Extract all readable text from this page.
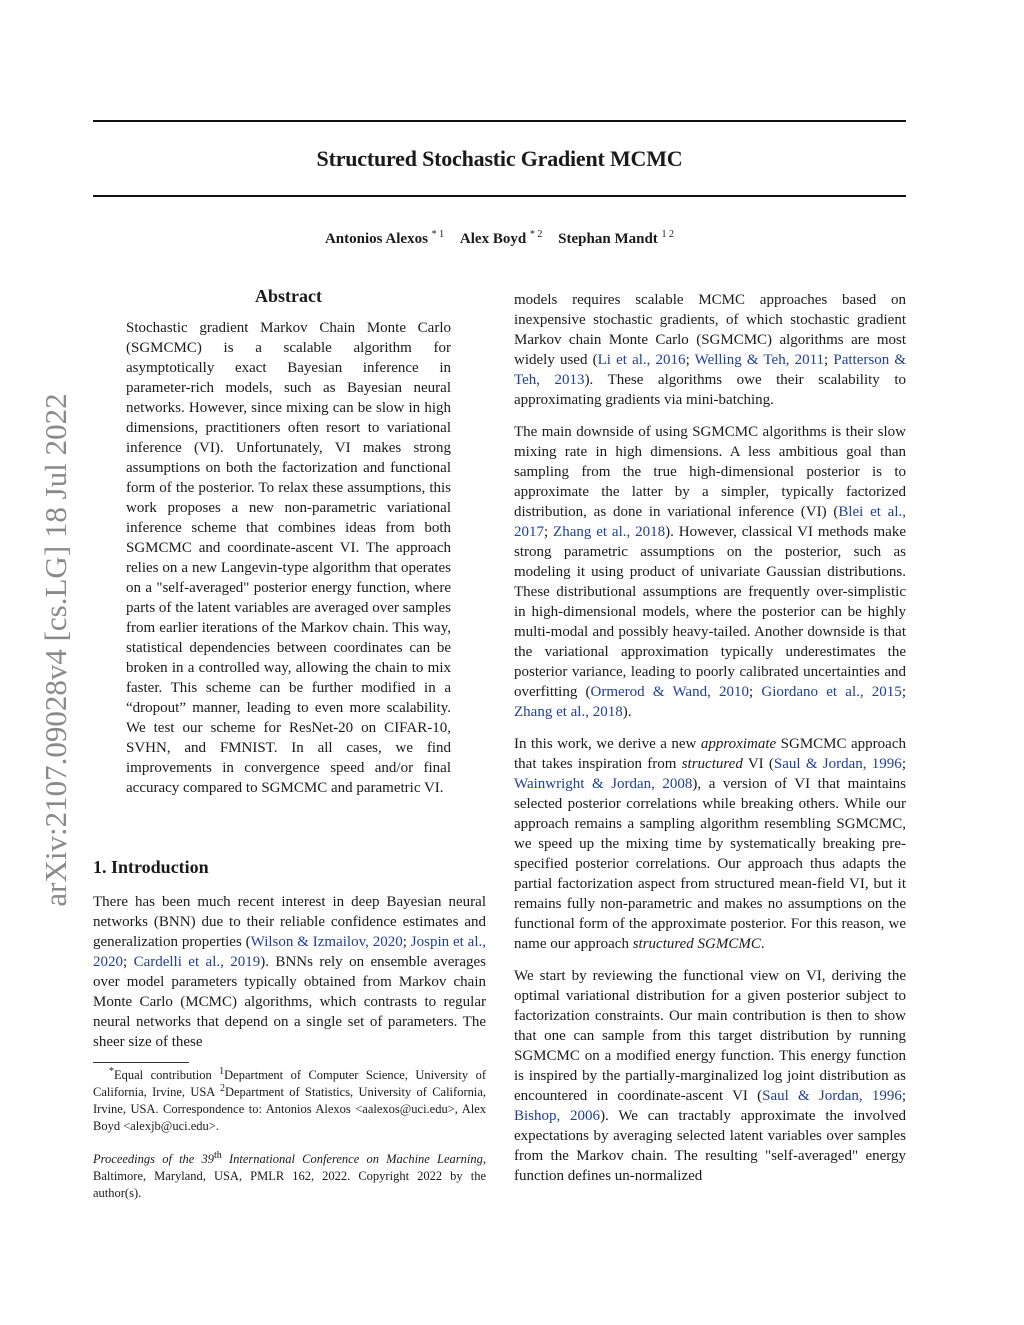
Structured Stochastic Gradient MCMC
Antonios Alexos $^{* 1}$ Alex Boyd $^{* 2}$ Stephan Mandt $^{1 2}$
arXiv:2107.09028v4 [cs.LG] 18 Jul 2022
Abstract

Stochastic gradient Markov Chain Monte Carlo (SGMCMC) is a scalable algorithm for asymptotically exact Bayesian inference in parameter-rich models, such as Bayesian neural networks. However, since mixing can be slow in high dimensions, practitioners often resort to variational inference (VI). Unfortunately, VI makes strong assumptions on both the factorization and functional form of the posterior. To relax these assumptions, this work proposes a new non-parametric variational inference scheme that combines ideas from both SGMCMC and coordinate-ascent VI. The approach relies on a new Langevin-type algorithm that operates on a "self-averaged" posterior energy function, where parts of the latent variables are averaged over samples from earlier iterations of the Markov chain. This way, statistical dependencies between coordinates can be broken in a controlled way, allowing the chain to mix faster. This scheme can be further modified in a “dropout” manner, leading to even more scalability. We test our scheme for ResNet-20 on CIFAR-10, SVHN, and FMNIST. In all cases, we find improvements in convergence speed and/or final accuracy compared to SGMCMC and parametric VI.

1. Introduction

There has been much recent interest in deep Bayesian neural networks (BNN) due to their reliable confidence estimates and generalization properties (Wilson & Izmailov, 2020; Jospin et al., 2020; Cardelli et al., 2019). BNNs rely on ensemble averages over model parameters typically obtained from Markov chain Monte Carlo (MCMC) algorithms, which contrasts to regular neural networks that depend on a single set of parameters. The sheer size of these

*Equal contribution $^1$Department of Computer Science, University of California, Irvine, USA $^2$Department of Statistics, University of California, Irvine, USA. Correspondence to: Antonios Alexos <aalexos@uci.edu>, Alex Boyd <alexjb@uci.edu>.

Proceedings of the 39th International Conference on Machine Learning, Baltimore, Maryland, USA, PMLR 162, 2022. Copyright 2022 by the author(s).

models requires scalable MCMC approaches based on inexpensive stochastic gradients, of which stochastic gradient Markov chain Monte Carlo (SGMCMC) algorithms are most widely used (Li et al., 2016; Welling & Teh, 2011; Patterson & Teh, 2013). These algorithms owe their scalability to approximating gradients via mini-batching.

The main downside of using SGMCMC algorithms is their slow mixing rate in high dimensions. A less ambitious goal than sampling from the true high-dimensional posterior is to approximate the latter by a simpler, typically factorized distribution, as done in variational inference (VI) (Blei et al., 2017; Zhang et al., 2018). However, classical VI methods make strong parametric assumptions on the posterior, such as modeling it using product of univariate Gaussian distributions. These distributional assumptions are frequently over-simplistic in high-dimensional models, where the posterior can be highly multi-modal and possibly heavy-tailed. Another downside is that the variational approximation typically underestimates the posterior variance, leading to poorly calibrated uncertainties and overfitting (Ormerod & Wand, 2010; Giordano et al., 2015; Zhang et al., 2018).

In this work, we derive a new approximate SGMCMC approach that takes inspiration from structured VI (Saul & Jordan, 1996; Wainwright & Jordan, 2008), a version of VI that maintains selected posterior correlations while breaking others. While our approach remains a sampling algorithm resembling SGMCMC, we speed up the mixing time by systematically breaking pre-specified posterior correlations. Our approach thus adapts the partial factorization aspect from structured mean-field VI, but it remains fully non-parametric and makes no assumptions on the functional form of the approximate posterior. For this reason, we name our approach structured SGMCMC.

We start by reviewing the functional view on VI, deriving the optimal variational distribution for a given posterior subject to factorization constraints. Our main contribution is then to show that one can sample from this target distribution by running SGMCMC on a modified energy function. This energy function is inspired by the partially-marginalized log joint distribution as encountered in coordinate-ascent VI (Saul & Jordan, 1996; Bishop, 2006). We can tractably approximate the involved expectations by averaging selected latent variables over samples from the Markov chain. The resulting "self-averaged" energy function defines un-normalized
